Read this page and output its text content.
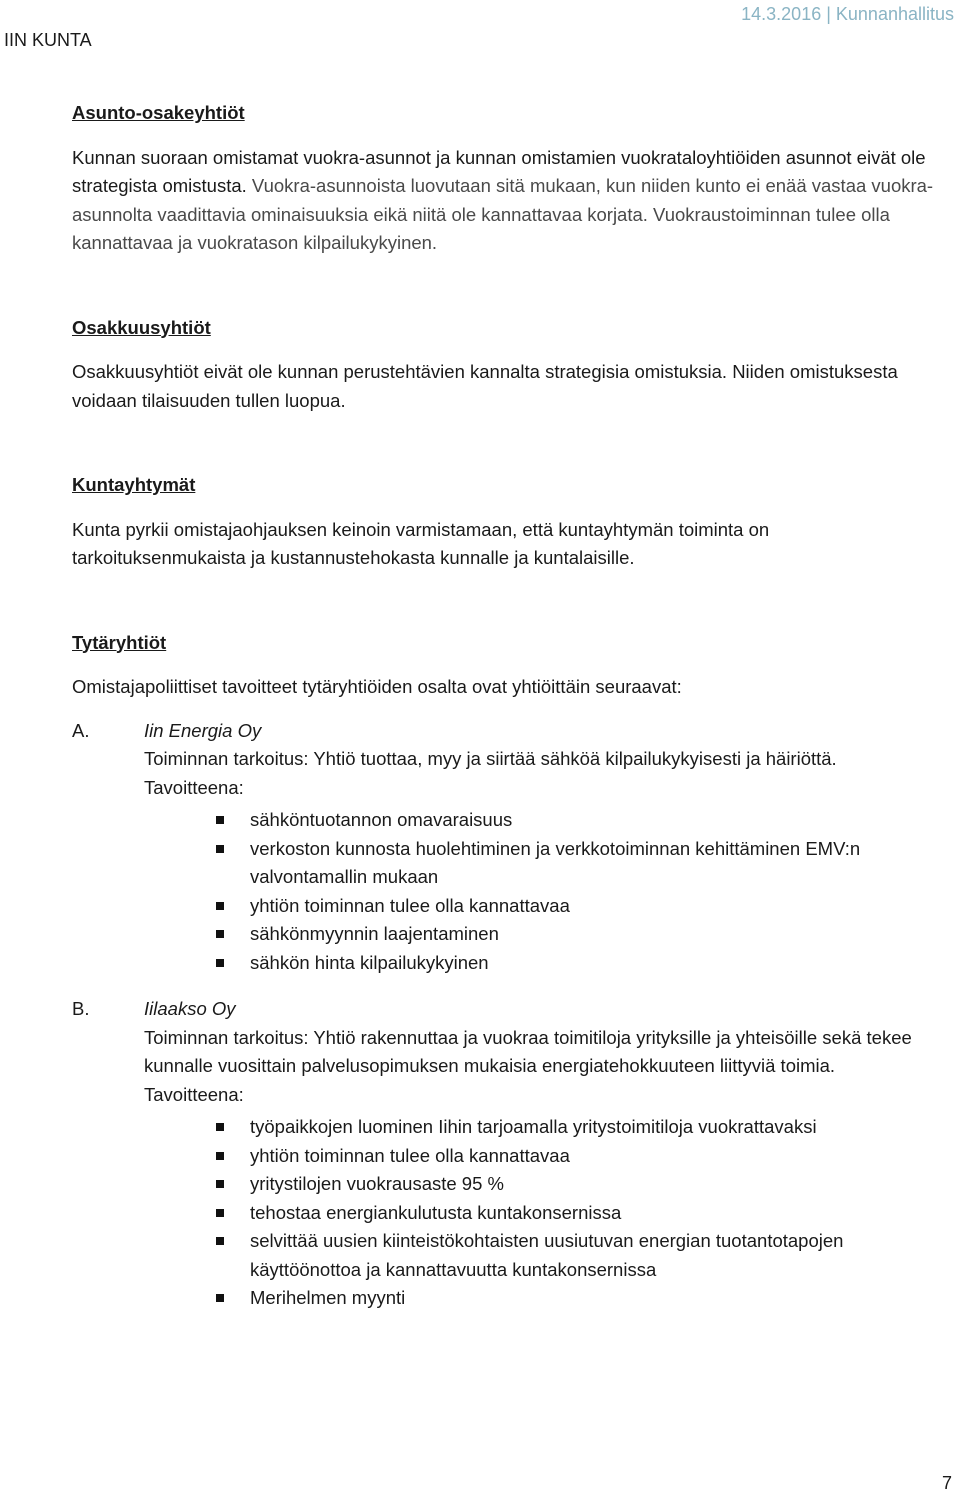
IIN KUNTA
14.3.2016 | Kunnanhallitus

Asunto-osakeyhtiöt

Kunnan suoraan omistamat vuokra-asunnot ja kunnan omistamien vuokrataloyhtiöiden asunnot eivät ole strategista omistusta. Vuokra-asunnoista luovutaan sitä mukaan, kun niiden kunto ei enää vastaa vuokra-asunnolta vaadittavia ominaisuuksia eikä niitä ole kannattavaa korjata. Vuokraustoiminnan tulee olla kannattavaa ja vuokratason kilpailukykyinen.

Osakkuusyhtiöt

Osakkuusyhtiöt eivät ole kunnan perustehtävien kannalta strategisia omistuksia. Niiden omistuksesta voidaan tilaisuuden tullen luopua.

Kuntayhtymät

Kunta pyrkii omistajaohjauksen keinoin varmistamaan, että kuntayhtymän toiminta on tarkoituksenmukaista ja kustannustehokasta kunnalle ja kuntalaisille.

Tytäryhtiöt

Omistajapoliittiset tavoitteet tytäryhtiöiden osalta ovat yhtiöittäin seuraavat:

A.	Iin Energia Oy
Toiminnan tarkoitus: Yhtiö tuottaa, myy ja siirtää sähköä kilpailukykyisesti ja häiriöttä.
Tavoitteena:
sähköntuotannon omavaraisuus
verkoston kunnosta huolehtiminen ja verkkotoiminnan kehittäminen EMV:n valvontamallin mukaan
yhtiön toiminnan tulee olla kannattavaa
sähkönmyynnin laajentaminen
sähkön hinta kilpailukykyinen
B.	Iilaakso Oy
Toiminnan tarkoitus: Yhtiö rakennuttaa ja vuokraa toimitiloja yrityksille ja yhteisöille sekä tekee kunnalle vuosittain palvelusopimuksen mukaisia energiatehokkuuteen liittyviä toimia.
Tavoitteena:
työpaikkojen luominen Iihin tarjoamalla yritystoimitiloja vuokrattavaksi
yhtiön toiminnan tulee olla kannattavaa
yritystilojen vuokrausaste 95 %
tehostaa energiankulutusta kuntakonsernissa
selvittää uusien kiinteistökohtaisten uusiutuvan energian tuotantotapojen käyttöönottoa ja kannattavuutta kuntakonsernissa
Merihelmen myynti
7
